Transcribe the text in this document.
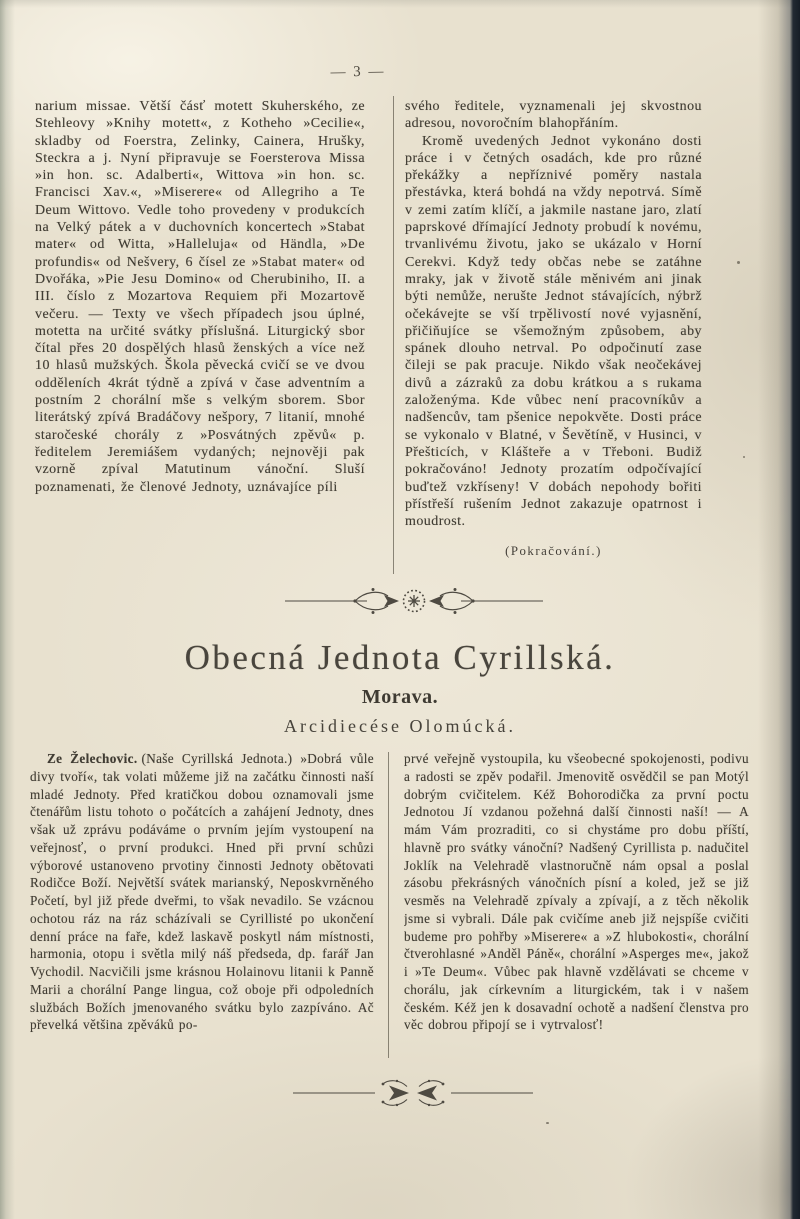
— 3 —

narium missae. Větší čásť motett Skuherského, ze Stehleovy »Knihy motett«, z Kotheho »Cecilie«, skladby od Foerstra, Zelinky, Cainera, Hrušky, Steckra a j. Nyní připravuje se Foersterova Missa »in hon. sc. Adalberti«, Wittova »in hon. sc. Francisci Xav.«, »Miserere« od Allegriho a Te Deum Wittovo. Vedle toho provedeny v produkcích na Velký pátek a v duchovních koncertech »Stabat mater« od Witta, »Halleluja« od Händla, »De profundis« od Nešvery, 6 čísel ze »Stabat mater« od Dvořáka, »Pie Jesu Domino« od Cherubiniho, II. a III. číslo z Mozartova Requiem při Mozartově večeru. — Texty ve všech případech jsou úplné, motetta na určité svátky příslušná. Liturgický sbor čítal přes 20 dospělých hlasů ženských a více než 10 hlasů mužských. Škola pěvecká cvičí se ve dvou odděleních 4krát týdně a zpívá v čase adventním a postním 2 chorální mše s velkým sborem. Sbor literátský zpívá Bradáčovy nešpory, 7 litanií, mnohé staročeské chorály z »Posvátných zpěvů« p. ředitelem Jeremiášem vydaných; nejnověji pak vzorně zpíval Matutinum vánoční. Sluší poznamenati, že členové Jednoty, uznávajíce píli

svého ředitele, vyznamenali jej skvostnou adresou, novoročním blahopřáním.

Kromě uvedených Jednot vykonáno dosti práce i v četných osadách, kde pro různé překážky a nepříznivé poměry nastala přestávka, která bohdá na vždy nepotrvá. Símě v zemi zatím klíčí, a jakmile nastane jaro, zlatí paprskové dřímající Jednoty probudí k novému, trvanlivému životu, jako se ukázalo v Horní Cerekvi. Když tedy občas nebe se zatáhne mraky, jak v životě stále měnivém ani jinak býti nemůže, nerušte Jednot stávajících, nýbrž očekávejte se vší trpělivostí nové vyjasnění, přičiňujíce se všemožným způsobem, aby spánek dlouho netrval. Po odpočinutí zase čileji se pak pracuje. Nikdo však neočekávej divů a zázraků za dobu krátkou a s rukama založenýma. Kde vůbec není pracovníkův a nadšencův, tam pšenice nepokvěte. Dosti práce se vykonalo v Blatné, v Ševětíně, v Husinci, v Přešticích, v Klášteře a v Třeboni. Budiž pokračováno! Jednoty prozatím odpočívající buďtež vzkříseny! V dobách nepohody bořiti přístřeší rušením Jednot zakazuje opatrnost i moudrost.

(Pokračování.)
Obecná Jednota Cyrillská.
Morava.
Arcidiecése Olomúcká.

Ze Želechovic. (Naše Cyrillská Jednota.) »Dobrá vůle divy tvoří«, tak volati můžeme již na začátku činnosti naší mladé Jednoty. Před kratičkou dobou oznamovali jsme čtenářům listu tohoto o počátcích a zahájení Jednoty, dnes však už zprávu podáváme o prvním jejím vystoupení na veřejnosť, o první produkci. Hned při první schůzi výborové ustanoveno prvotiny činnosti Jednoty obětovati Rodičce Boží. Největší svátek marianský, Neposkvrněného Početí, byl již přede dveřmi, to však nevadilo. Se vzácnou ochotou ráz na ráz scházívali se Cyrillisté po ukončení denní práce na faře, kdež laskavě poskytl nám místnosti, harmonia, otopu i světla milý náš předseda, dp. farář Jan Vychodil. Nacvičili jsme krásnou Holainovu litanii k Panně Marii a chorální Pange lingua, což oboje při odpoledních službách Božích jmenovaného svátku bylo zazpíváno. Ač převelká většina zpěváků po-

prvé veřejně vystoupila, ku všeobecné spokojenosti, podivu a radosti se zpěv podařil. Jmenovitě osvědčil se pan Motýl dobrým cvičitelem. Kéž Bohorodička za první poctu Jednotou Jí vzdanou požehná další činnosti naší! — A mám Vám prozraditi, co si chystáme pro dobu příští, hlavně pro svátky vánoční? Nadšený Cyrillista p. nadučitel Joklík na Velehradě vlastnoručně nám opsal a poslal zásobu překrásných vánočních písní a koled, jež se již vesměs na Velehradě zpívaly a zpívají, a z těch několik jsme si vybrali. Dále pak cvičíme aneb již nejspíše cvičiti budeme pro pohřby »Miserere« a »Z hlubokosti«, chorální čtverohlasné »Anděl Páně«, chorální »Asperges me«, jakož i »Te Deum«. Vůbec pak hlavně vzdělávati se chceme v chorálu, jak církevním a liturgickém, tak i v našem českém. Kéž jen k dosavadní ochotě a nadšení členstva pro věc dobrou připojí se i vytrvalosť!
